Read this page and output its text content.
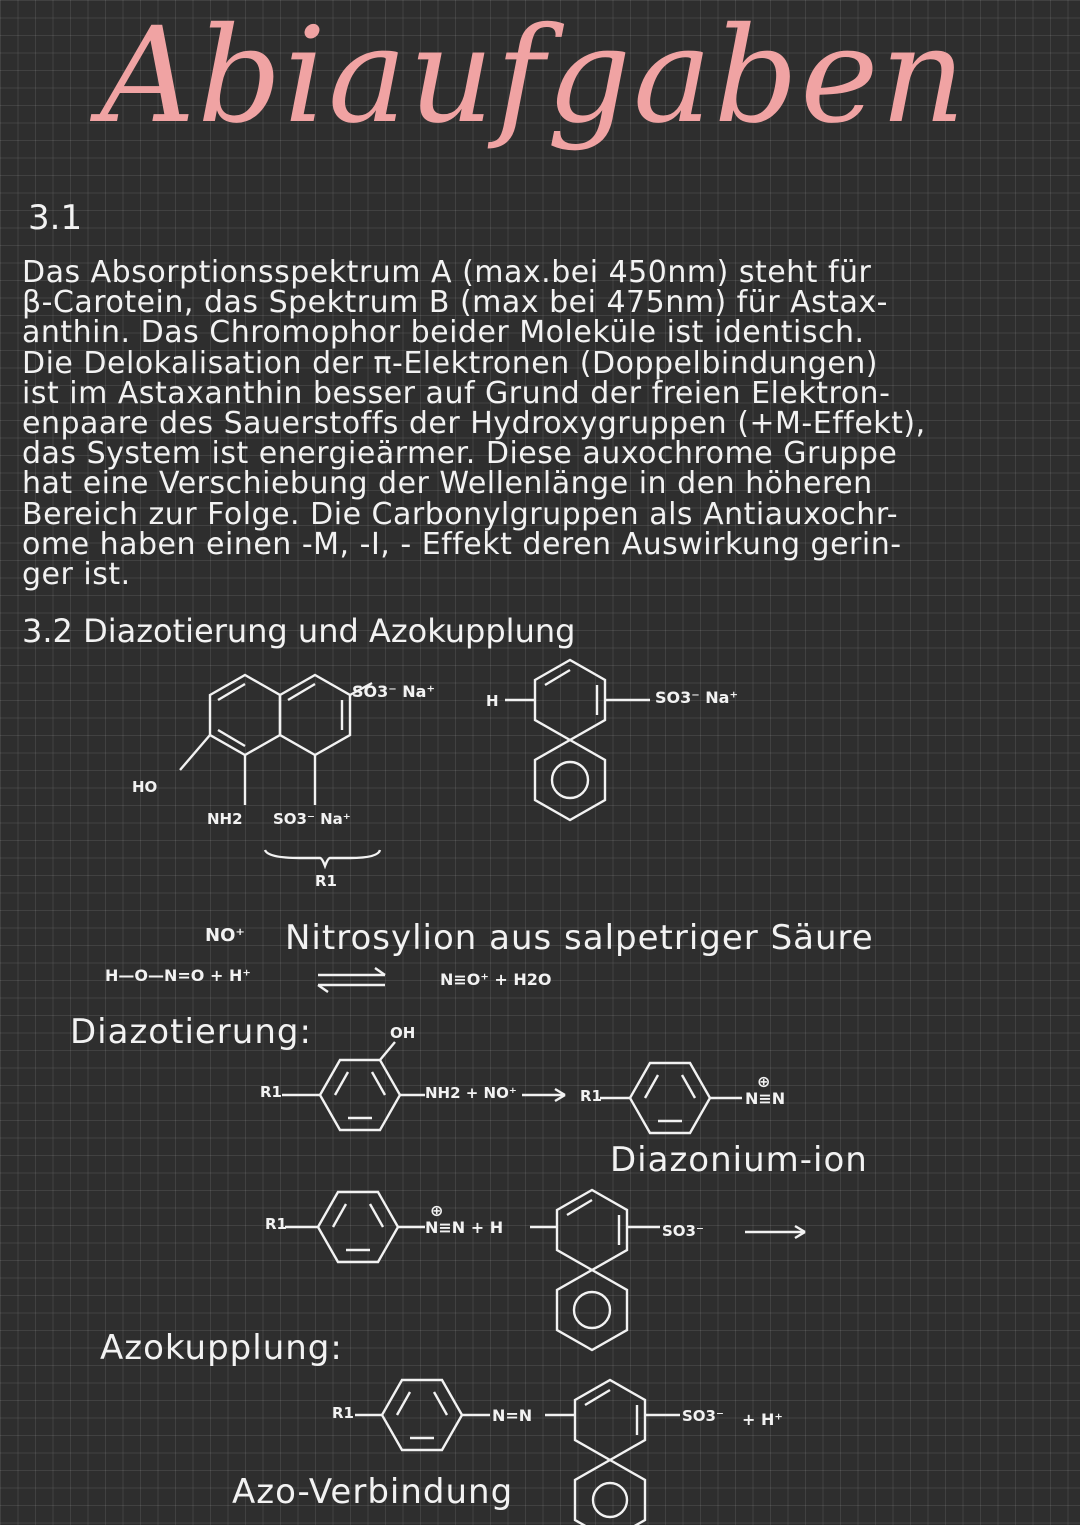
Abiaufgaben
3.1
Das Absorptionsspektrum A (max.bei 450nm) steht für
β-Carotein, das Spektrum B (max bei 475nm) für Astax-
anthin. Das Chromophor beider Moleküle ist identisch.
Die Delokalisation der π-Elektronen (Doppelbindungen)
ist im Astaxanthin besser auf Grund der freien Elektron-
enpaare des Sauerstoffs der Hydroxygruppen (+M-Effekt),
das System ist energieärmer. Diese auxochrome Gruppe
hat eine Verschiebung der Wellenlänge in den höheren
Bereich zur Folge. Die Carbonylgruppen als Antiauxochr-
ome haben einen -M, -I, - Effekt deren Auswirkung gerin-
ger ist.
3.2 Diazotierung und Azokupplung
SO3⁻ Na⁺
HO
NH2 SO3⁻ Na⁺
R1
H	SO3⁻ Na⁺
NO⁺ Nitrosylion aus salpetriger Säure
H—O—N=O + H⁺	N≡O⁺ + H2O
Diazotierung:
R1
OH
NH2 + NO⁺	R1
⊕
N≡N
Diazonium-ion
R1
⊕
N≡N + H	SO3⁻
Azokupplung:
R1	N=N	SO3⁻ + H⁺
Azo-Verbindung
